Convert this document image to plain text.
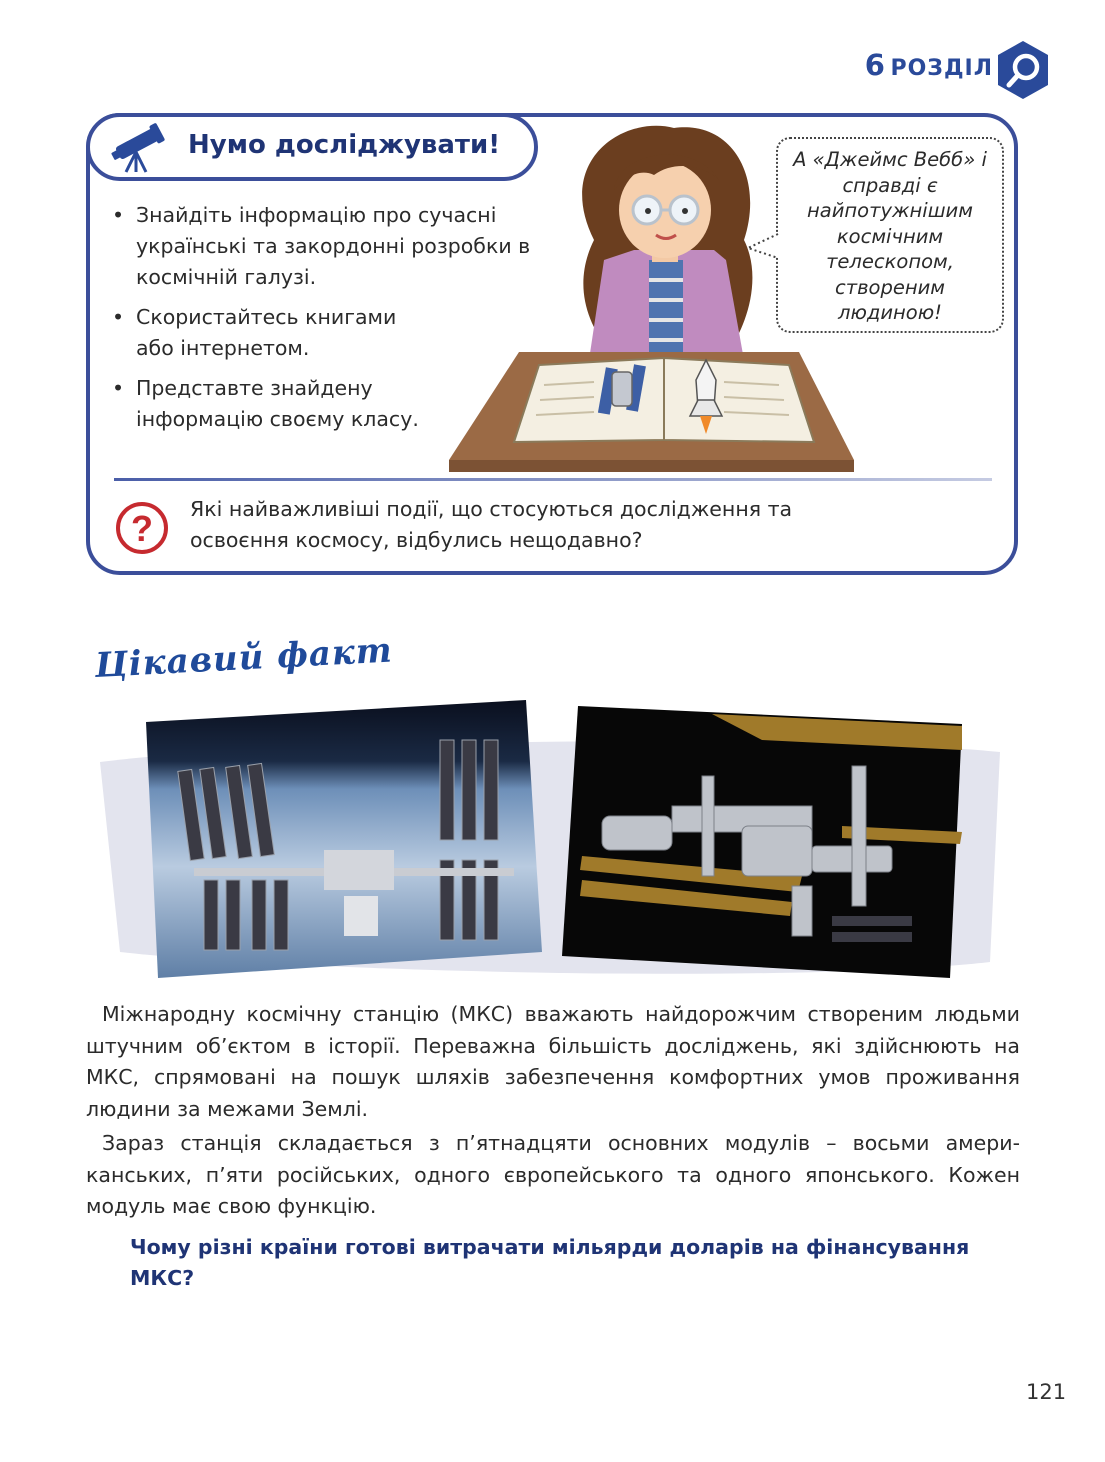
6 РОЗДІЛ
Нумо досліджувати!
• Знайдіть інформацію про сучасні українські та закордонні розробки в космічній галузі.
• Скористайтесь книгами або інтернетом.
• Представте знайдену інформацію своєму класу.
А «Джеймс Вебб» і справді є найпотужнішим космічним телескопом, створеним людиною!
? Які найважливіші події, що стосуються дослідження та освоєння космосу, відбулись нещодавно?
Цікавий факт

Міжнародну космічну станцію (МКС) вважають найдорожчим створеним людьми штучним об’єктом в історії. Переважна більшість досліджень, які здійснюють на МКС, спрямовані на пошук шляхів забезпечення комфортних умов проживання людини за межами Землі.

Зараз станція складається з п’ятнадцяти основних модулів – восьми американських, п’яти російських, одного європейського та одного японського. Кожен модуль має свою функцію.

Чому різні країни готові витрачати мільярди доларів на фінансування МКС?
121
